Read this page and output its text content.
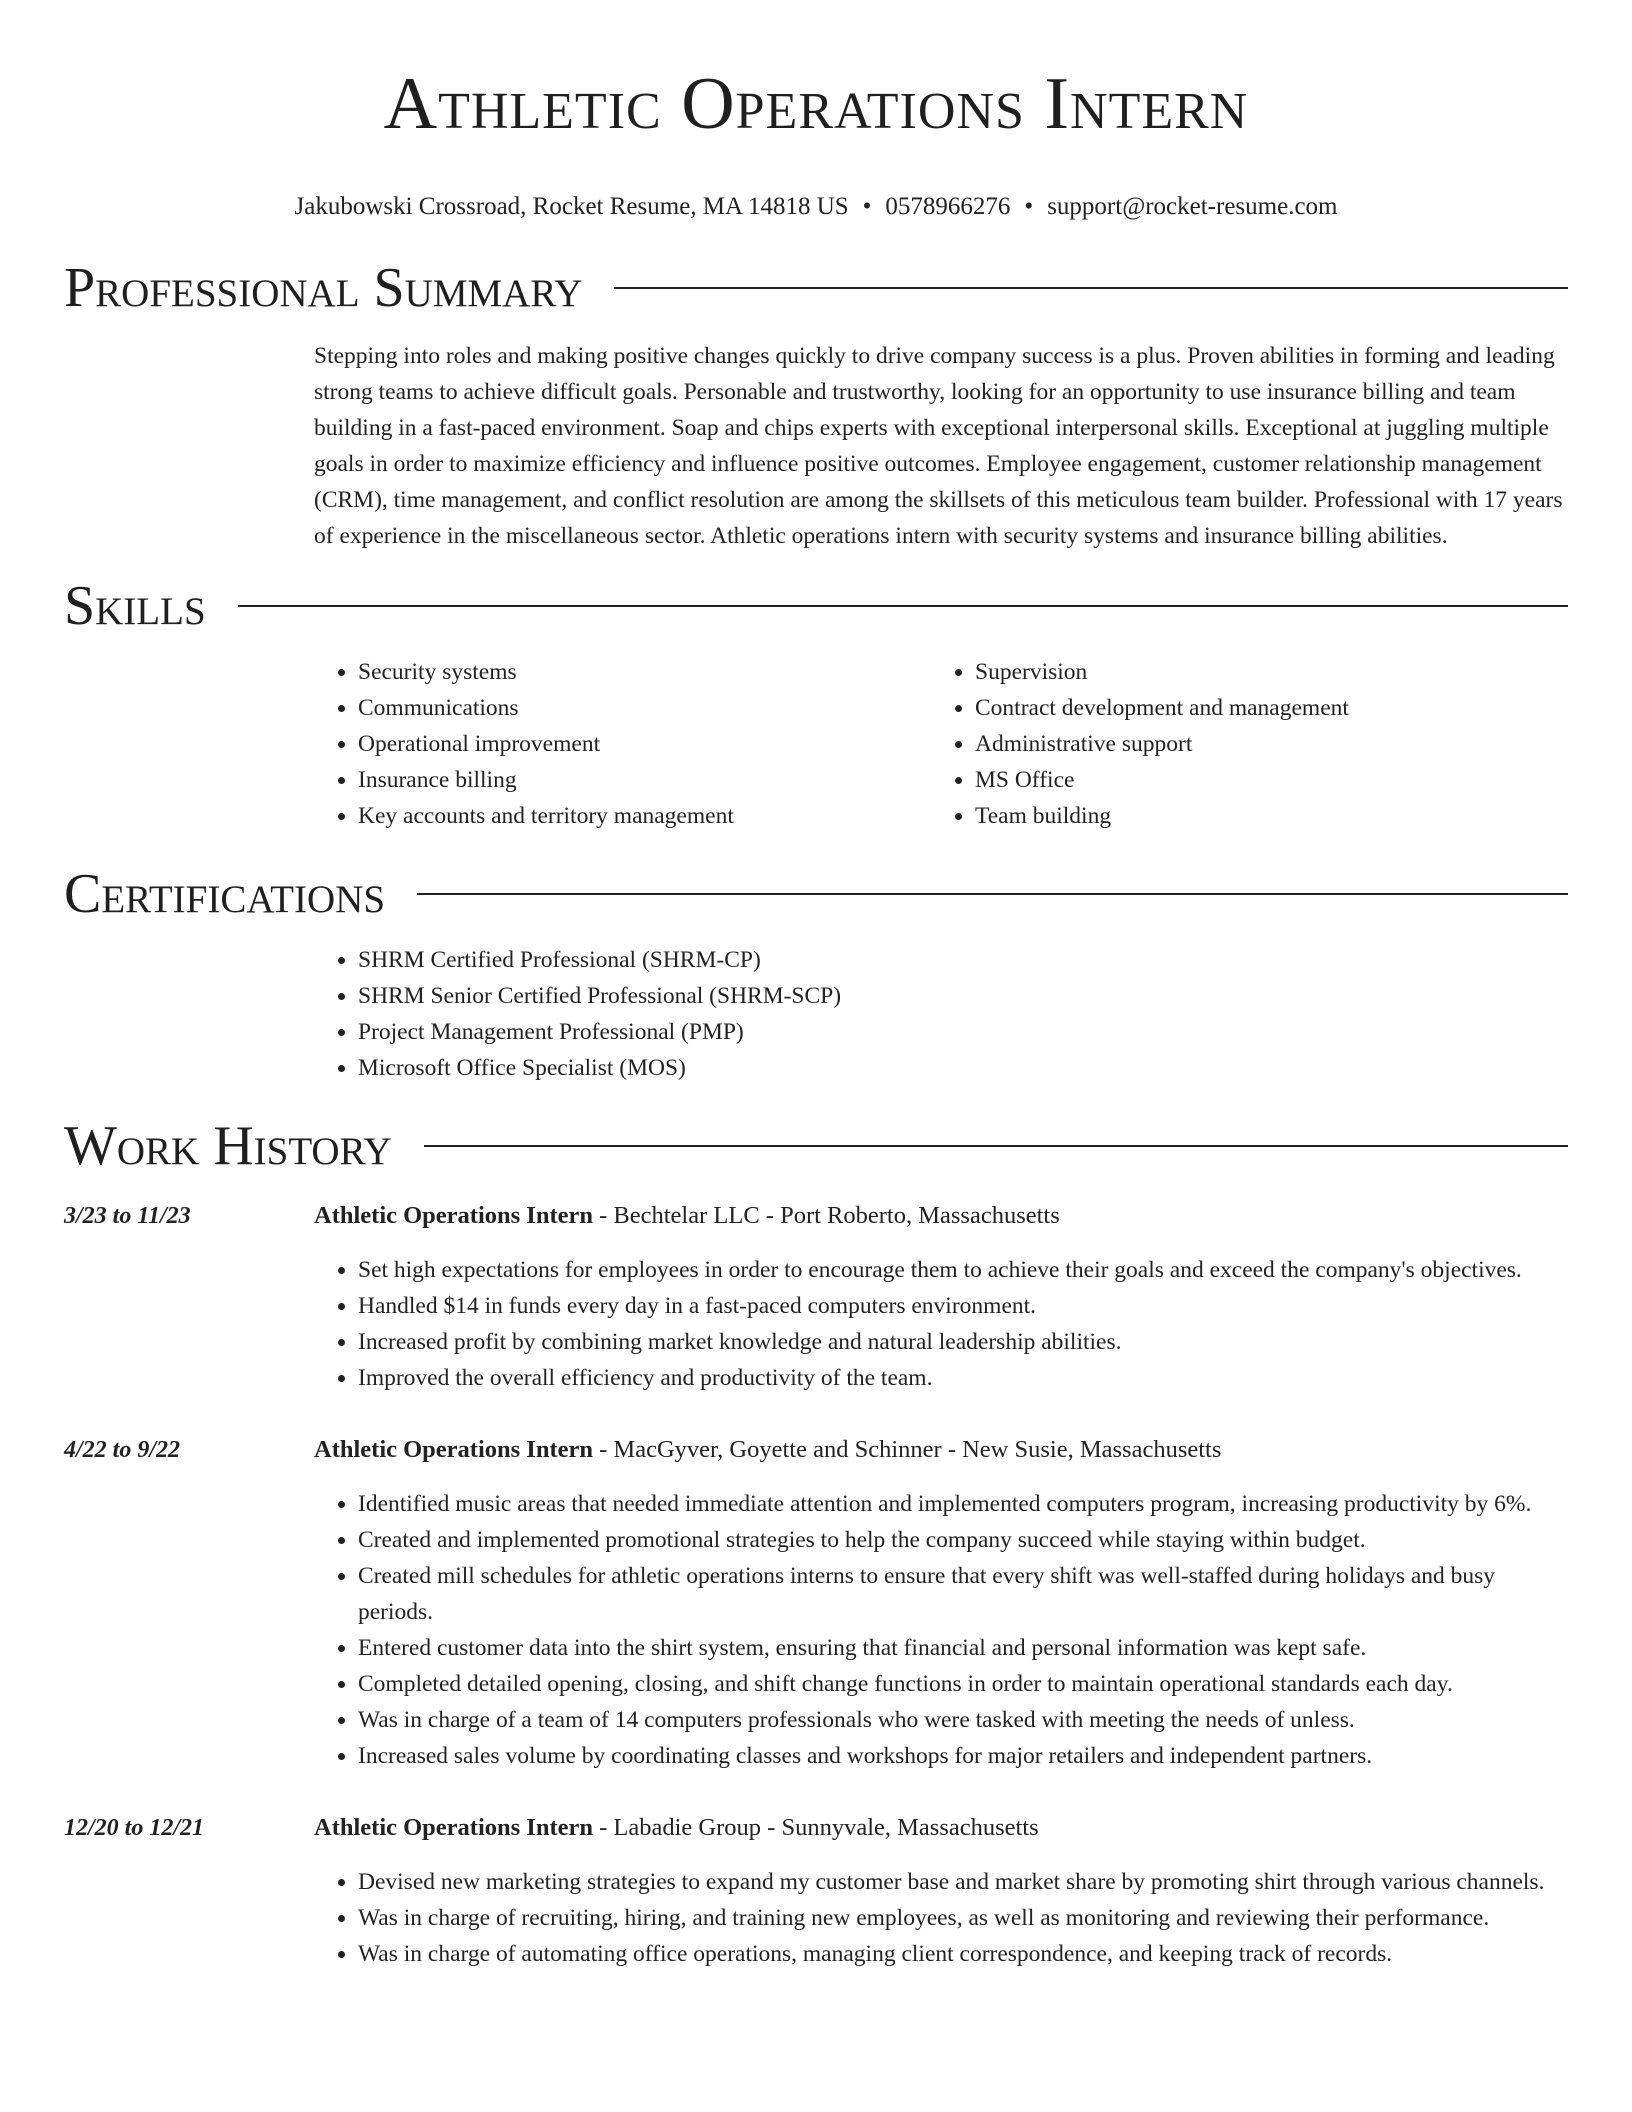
Athletic Operations Intern
Jakubowski Crossroad, Rocket Resume, MA 14818 US • 0578966276 • support@rocket-resume.com
Professional Summary

Stepping into roles and making positive changes quickly to drive company success is a plus. Proven abilities in forming and leading strong teams to achieve difficult goals. Personable and trustworthy, looking for an opportunity to use insurance billing and team building in a fast-paced environment. Soap and chips experts with exceptional interpersonal skills. Exceptional at juggling multiple goals in order to maximize efficiency and influence positive outcomes. Employee engagement, customer relationship management (CRM), time management, and conflict resolution are among the skillsets of this meticulous team builder. Professional with 17 years of experience in the miscellaneous sector. Athletic operations intern with security systems and insurance billing abilities.

Skills
• Security systems
• Communications
• Operational improvement
• Insurance billing
• Key accounts and territory management
• Supervision
• Contract development and management
• Administrative support
• MS Office
• Team building
Certifications
• SHRM Certified Professional (SHRM-CP)
• SHRM Senior Certified Professional (SHRM-SCP)
• Project Management Professional (PMP)
• Microsoft Office Specialist (MOS)
Work History
3/23 to 11/23	Athletic Operations Intern - Bechtelar LLC - Port Roberto, Massachusetts
• Set high expectations for employees in order to encourage them to achieve their goals and exceed the company's objectives.
• Handled $14 in funds every day in a fast-paced computers environment.
• Increased profit by combining market knowledge and natural leadership abilities.
• Improved the overall efficiency and productivity of the team.
4/22 to 9/22	Athletic Operations Intern - MacGyver, Goyette and Schinner - New Susie, Massachusetts
• Identified music areas that needed immediate attention and implemented computers program, increasing productivity by 6%.
• Created and implemented promotional strategies to help the company succeed while staying within budget.
• Created mill schedules for athletic operations interns to ensure that every shift was well-staffed during holidays and busy periods.
• Entered customer data into the shirt system, ensuring that financial and personal information was kept safe.
• Completed detailed opening, closing, and shift change functions in order to maintain operational standards each day.
• Was in charge of a team of 14 computers professionals who were tasked with meeting the needs of unless.
• Increased sales volume by coordinating classes and workshops for major retailers and independent partners.
12/20 to 12/21	Athletic Operations Intern - Labadie Group - Sunnyvale, Massachusetts
• Devised new marketing strategies to expand my customer base and market share by promoting shirt through various channels.
• Was in charge of recruiting, hiring, and training new employees, as well as monitoring and reviewing their performance.
• Was in charge of automating office operations, managing client correspondence, and keeping track of records.
